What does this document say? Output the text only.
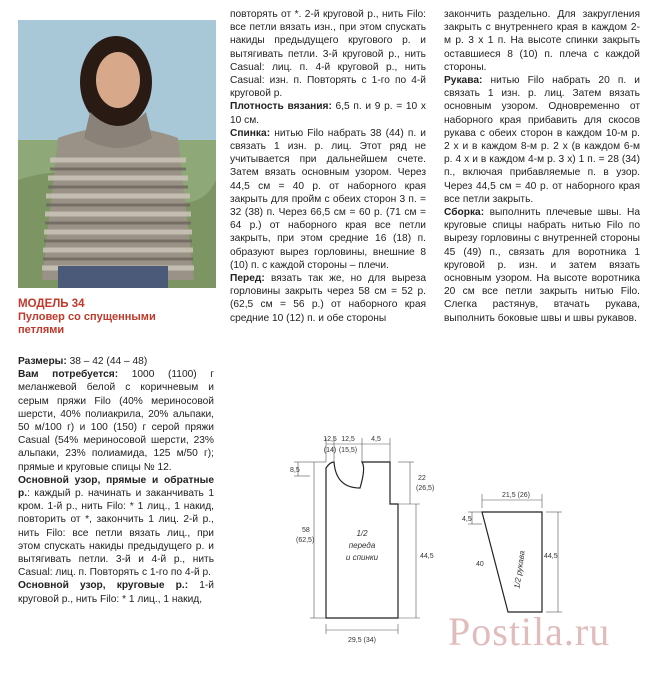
МОДЕЛЬ 34
Пуловер со спущенными петлями

Размеры: 38 – 42 (44 – 48)

Вам потребуется: 1000 (1100) г меланжевой белой с коричневым и серым пряжи Filo (40% мериносовой шерсти, 40% полиакрила, 20% альпаки, 50 м/100 г) и 100 (150) г серой пряжи Casual (54% мериносовой шерсти, 23% альпаки, 23% полиамида, 125 м/50 г); прямые и круговые спицы № 12.

Основной узор, прямые и обратные р.: каждый р. начинать и заканчивать 1 кром. 1-й р., нить Filo: * 1 лиц., 1 накид, повторить от *, закончить 1 лиц. 2-й р., нить Filo: все петли вязать лиц., при этом спускать накиды предыдущего р. и вытягивать петли. 3-й и 4-й р., нить Casual: лиц. п. Повторять с 1-го по 4-й р.

Основной узор, круговые р.: 1-й круговой р., нить Filo: * 1 лиц., 1 накид,

повторять от *. 2-й круговой р., нить Filo: все петли вязать изн., при этом спускать накиды предыдущего кругового р. и вытягивать петли. 3-й круговой р., нить Casual: лиц. п. 4-й круговой р., нить Casual: изн. п. Повторять с 1-го по 4-й круговой р.

Плотность вязания: 6,5 п. и 9 р. = 10 х 10 см.

Спинка: нитью Filo набрать 38 (44) п. и связать 1 изн. р. лиц. Этот ряд не учитывается при дальнейшем счете. Затем вязать основным узором. Через 44,5 см = 40 р. от наборного края закрыть для пройм с обеих сторон 3 п. = 32 (38) п. Через 66,5 см = 60 р. (71 см = 64 р.) от наборного края все петли закрыть, при этом средние 16 (18) п. образуют вырез горловины, внешние 8 (10) п. с каждой стороны – плечи.

Перед: вязать так же, но для выреза горловины закрыть через 58 см = 52 р. (62,5 см = 56 р.) от наборного края средние 10 (12) п. и обе стороны

закончить раздельно. Для закругления закрыть с внутреннего края в каждом 2-м р. 3 х 1 п. На высоте спинки закрыть оставшиеся 8 (10) п. плеча с каждой стороны.

Рукава: нитью Filo набрать 20 п. и связать 1 изн. р. лиц. Затем вязать основным узором. Одновременно от наборного края прибавить для скосов рукава с обеих сторон в каждом 10-м р. 2 х и в каждом 8-м р. 2 х (в каждом 6-м р. 4 х и в каждом 4-м р. 3 х) 1 п. = 28 (34) п., включая прибавляемые п. в узор. Через 44,5 см = 40 р. от наборного края все петли закрыть.

Сборка: выполнить плечевые швы. На круговые спицы набрать нитью Filo по вырезу горловины с внутренней стороны 45 (49) п., связать для воротника 1 круговой р. изн. и затем вязать основным узором. На высоте воротника 20 см все петли закрыть нитью Filo. Слегка растянув, втачать рукава, выполнить боковые швы и швы рукавов.

12,5
(14)
12,5
(15,5)
4,5
8,5
22
(26,5)
58
(62,5)
44,5
1/2
переда
и спинки
29,5 (34)
21,5 (26)
4,5
40
44,5
1/2 рукава
Postila.ru
